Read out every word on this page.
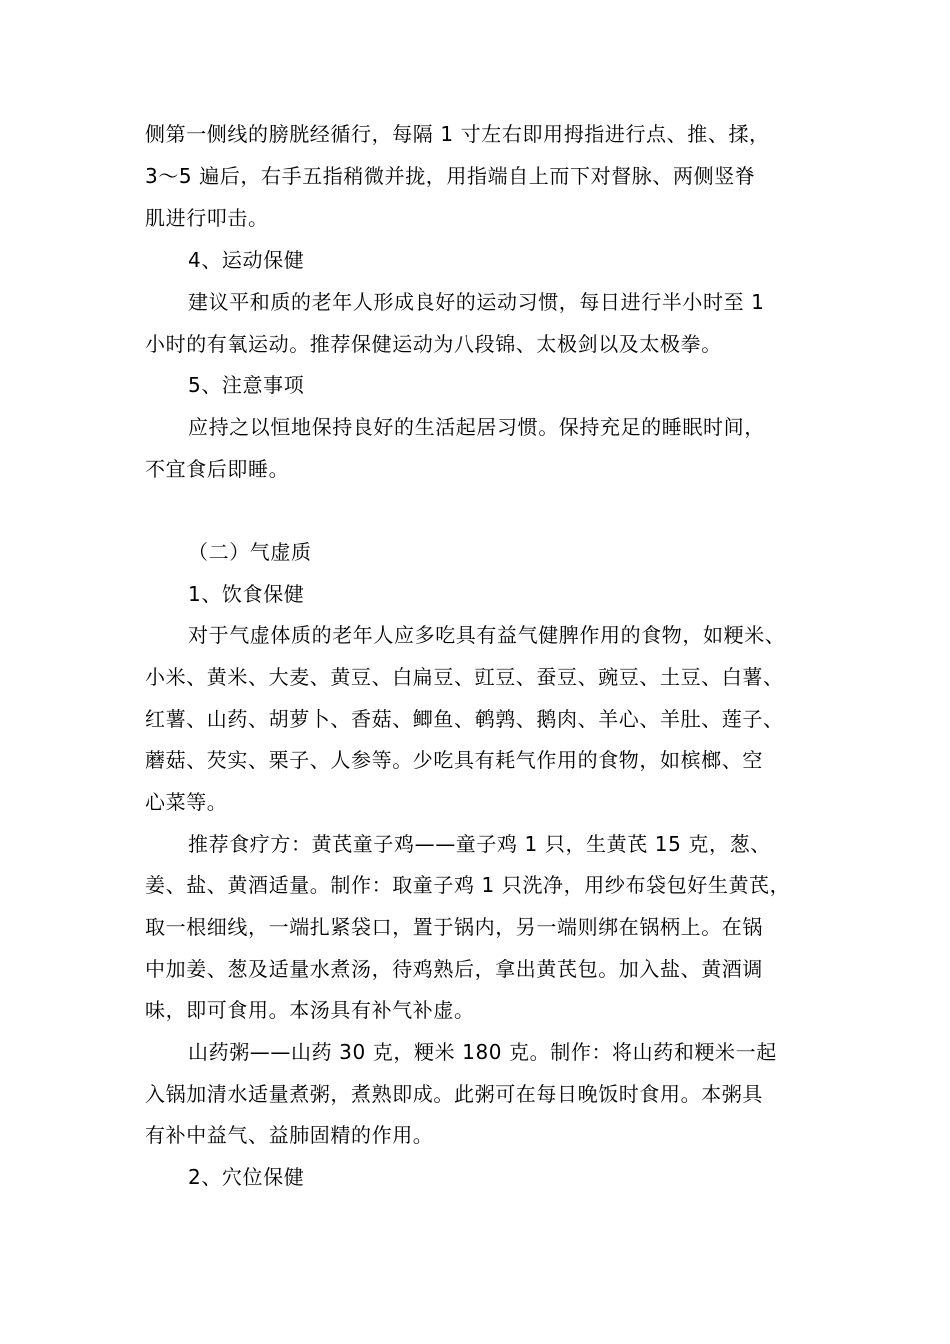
侧第一侧线的膀胱经循行，每隔 1 寸左右即用拇指进行点、推、揉，
3～5 遍后，右手五指稍微并拢，用指端自上而下对督脉、两侧竖脊
肌进行叩击。
4、运动保健
建议平和质的老年人形成良好的运动习惯，每日进行半小时至 1
小时的有氧运动。推荐保健运动为八段锦、太极剑以及太极拳。
5、注意事项
应持之以恒地保持良好的生活起居习惯。保持充足的睡眠时间，
不宜食后即睡。
（二）气虚质
1、饮食保健
对于气虚体质的老年人应多吃具有益气健脾作用的食物，如粳米、
小米、黄米、大麦、黄豆、白扁豆、豇豆、蚕豆、豌豆、土豆、白薯、
红薯、山药、胡萝卜、香菇、鲫鱼、鹌鹑、鹅肉、羊心、羊肚、莲子、
蘑菇、芡实、栗子、人参等。少吃具有耗气作用的食物，如槟榔、空
心菜等。
推荐食疗方：黄芪童子鸡——童子鸡 1 只，生黄芪 15 克，葱、
姜、盐、黄酒适量。制作：取童子鸡 1 只洗净，用纱布袋包好生黄芪，
取一根细线，一端扎紧袋口，置于锅内，另一端则绑在锅柄上。在锅
中加姜、葱及适量水煮汤，待鸡熟后，拿出黄芪包。加入盐、黄酒调
味，即可食用。本汤具有补气补虚。
山药粥——山药 30 克，粳米 180 克。制作：将山药和粳米一起
入锅加清水适量煮粥，煮熟即成。此粥可在每日晚饭时食用。本粥具
有补中益气、益肺固精的作用。
2、穴位保健
